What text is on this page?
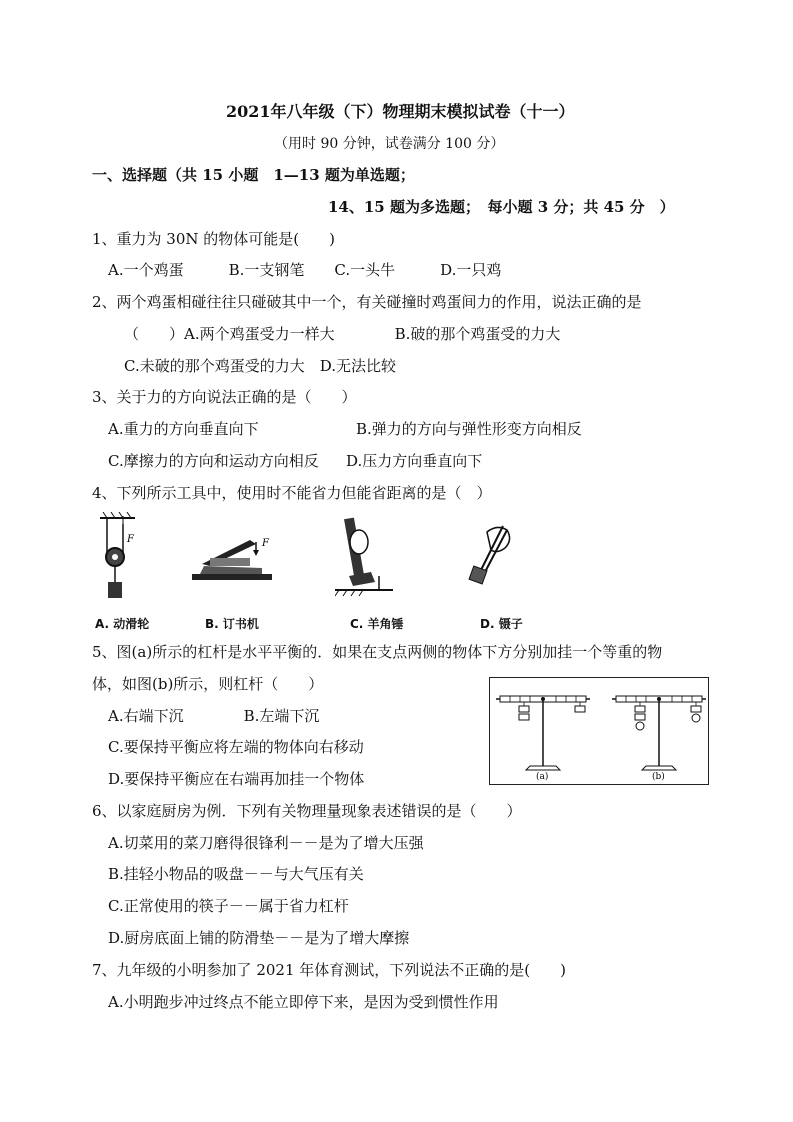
2021年八年级（下）物理期末模拟试卷（十一）
（用时 90 分钟，试卷满分 100 分）
一、选择题（共 15 小题　1—13 题为单选题；
14、15 题为多选题；　每小题 3 分；共 45 分　）
1、重力为 30N 的物体可能是(　　)
A.一个鸡蛋　　　B.一支钢笔　　C.一头牛　　　D.一只鸡
2、两个鸡蛋相碰往往只碰破其中一个，有关碰撞时鸡蛋间力的作用，说法正确的是
（　　）A.两个鸡蛋受力一样大　　　　B.破的那个鸡蛋受的力大
C.未破的那个鸡蛋受的力大　D.无法比较
3、关于力的方向说法正确的是（　　）
A.重力的方向垂直向下	B.弹力的方向与弹性形变方向相反
C.摩擦力的方向和运动方向相反 D.压力方向垂直向下
4、下列所示工具中，使用时不能省力但能省距离的是（　）
F	F
A. 动滑轮	B. 订书机	C. 羊角锤	D. 镊子
5、图(a)所示的杠杆是水平平衡的．如果在支点两侧的物体下方分别加挂一个等重的物
体，如图(b)所示，则杠杆（　　）
A.右端下沉　　　　B.左端下沉
C.要保持平衡应将左端的物体向右移动
D.要保持平衡应在右端再加挂一个物体	(a)	(b)
6、以家庭厨房为例．下列有关物理量现象表述错误的是（　　）
A.切菜用的菜刀磨得很锋利－－是为了增大压强
B.挂轻小物品的吸盘－－与大气压有关
C.正常使用的筷子－－属于省力杠杆
D.厨房底面上铺的防滑垫－－是为了增大摩擦
7、九年级的小明参加了 2021 年体育测试，下列说法不正确的是(　　)
A.小明跑步冲过终点不能立即停下来，是因为受到惯性作用
